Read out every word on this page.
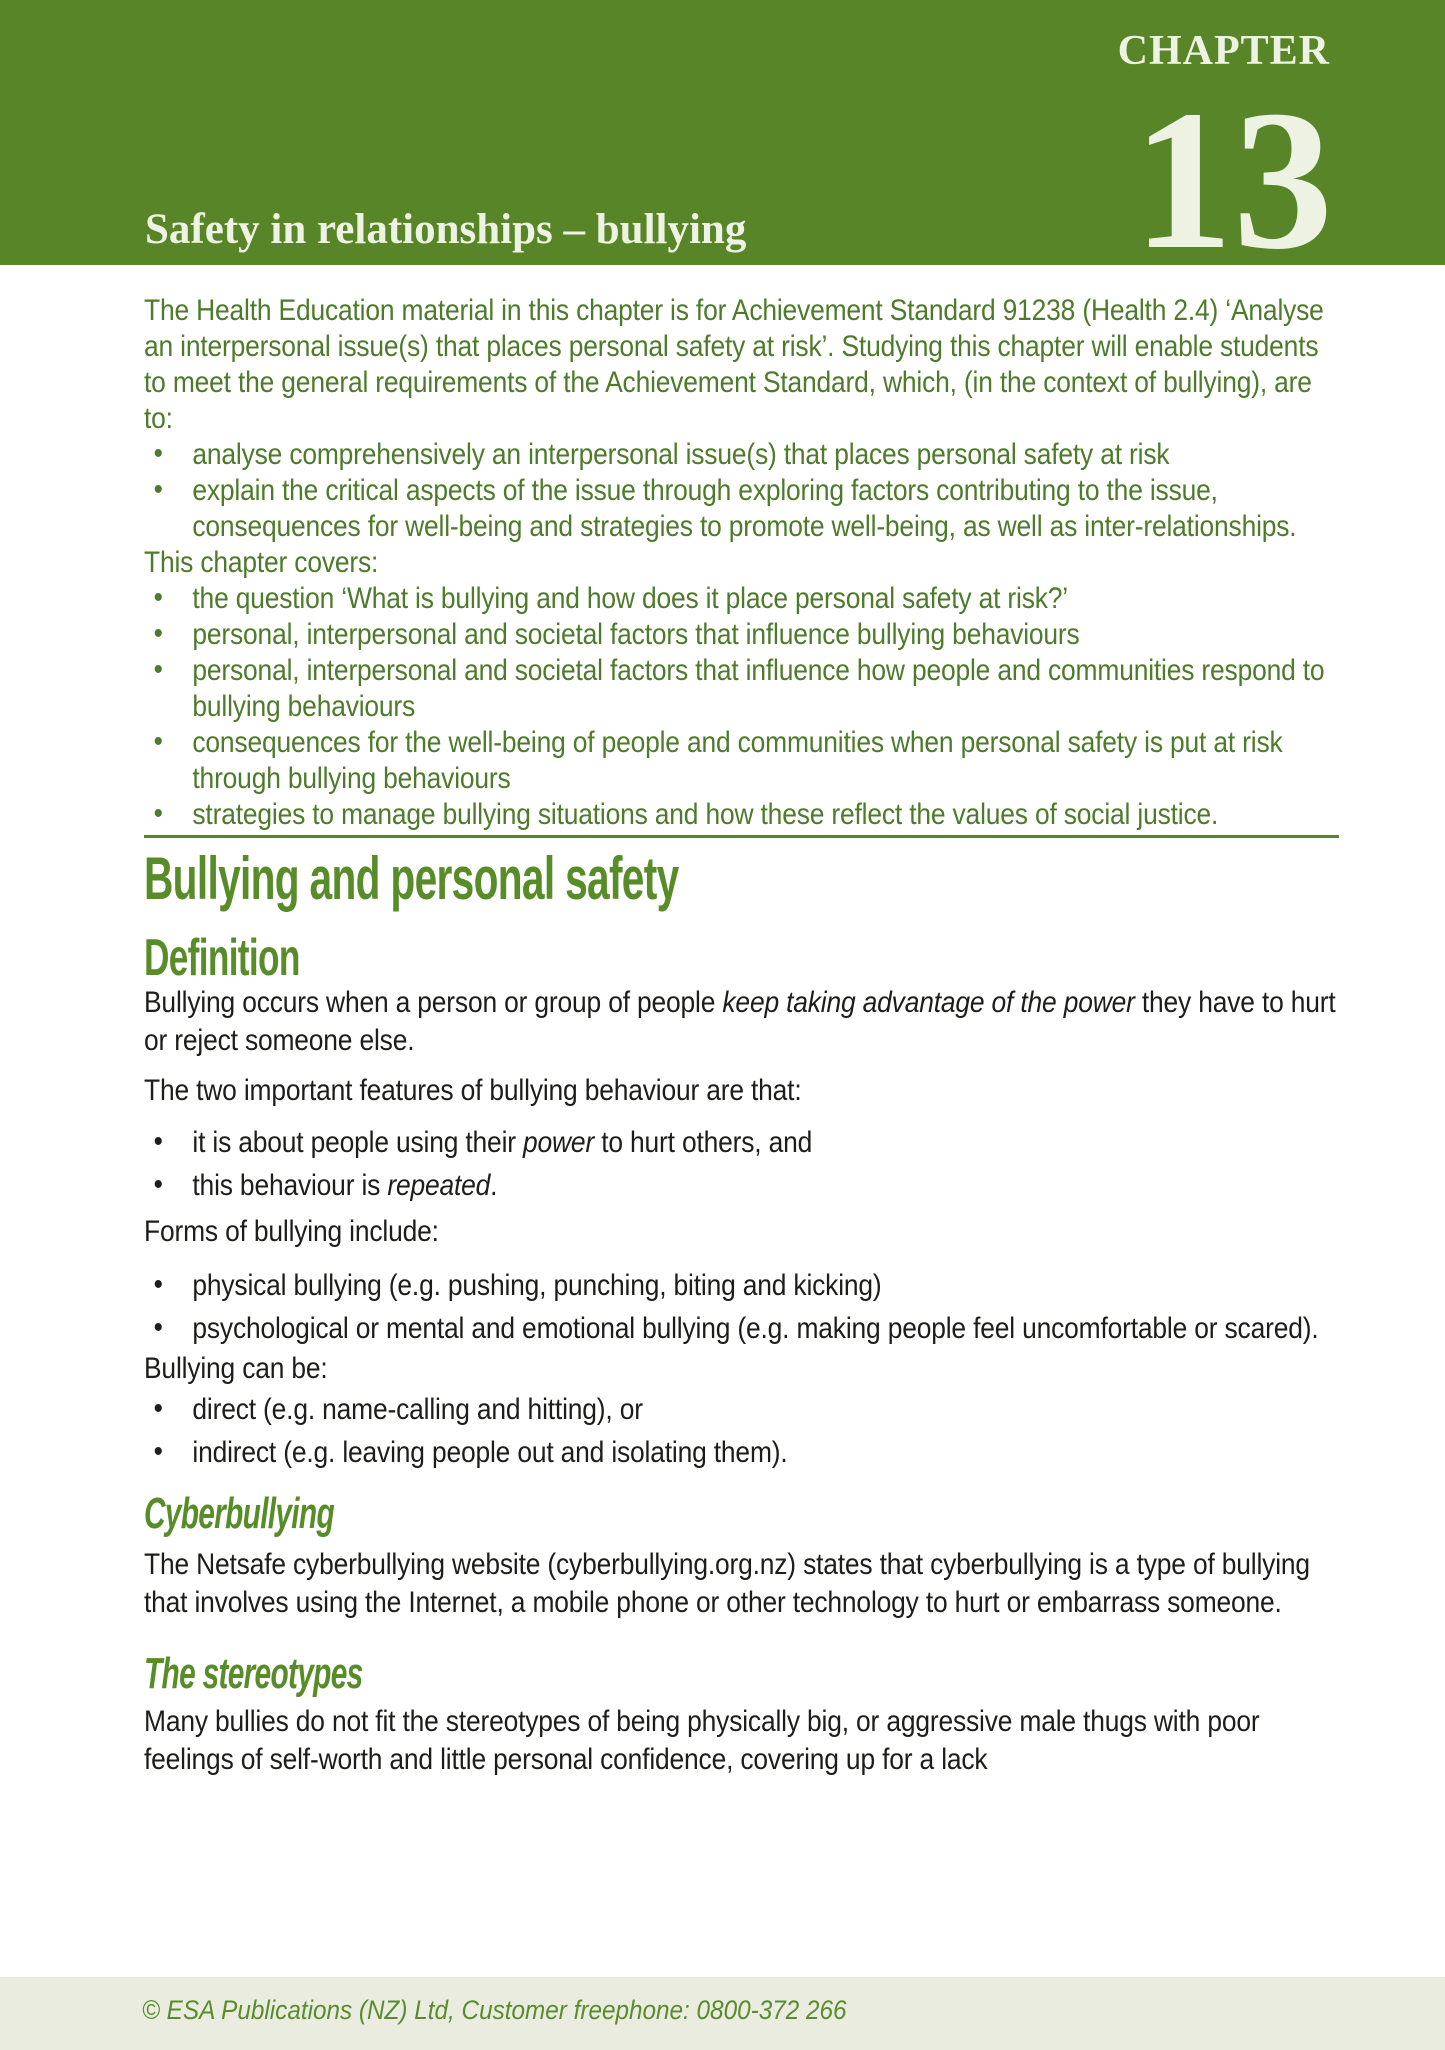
CHAPTER
13
Safety in relationships – bullying

The Health Education material in this chapter is for Achievement Standard 91238 (Health 2.4) ‘Analyse an interpersonal issue(s) that places personal safety at risk’. Studying this chapter will enable students to meet the general requirements of the Achievement Standard, which, (in the context of bullying), are to:

• analyse comprehensively an interpersonal issue(s) that places personal safety at risk
• explain the critical aspects of the issue through exploring factors contributing to the issue, consequences for well-being and strategies to promote well-being, as well as inter-relationships.

This chapter covers:

• the question ‘What is bullying and how does it place personal safety at risk?’
• personal, interpersonal and societal factors that influence bullying behaviours
• personal, interpersonal and societal factors that influence how people and communities respond to bullying behaviours
• consequences for the well-being of people and communities when personal safety is put at risk through bullying behaviours
• strategies to manage bullying situations and how these reflect the values of social justice.
Bullying and personal safety
Definition

Bullying occurs when a person or group of people keep taking advantage of the power they have to hurt or reject someone else.

The two important features of bullying behaviour are that:

• it is about people using their power to hurt others, and
• this behaviour is repeated.

Forms of bullying include:

• physical bullying (e.g. pushing, punching, biting and kicking)
• psychological or mental and emotional bullying (e.g. making people feel uncomfortable or scared).

Bullying can be:

• direct (e.g. name-calling and hitting), or
• indirect (e.g. leaving people out and isolating them).
Cyberbullying

The Netsafe cyberbullying website (cyberbullying.org.nz) states that cyberbullying is a type of bullying that involves using the Internet, a mobile phone or other technology to hurt or embarrass someone.

The stereotypes

Many bullies do not fit the stereotypes of being physically big, or aggressive male thugs with poor feelings of self-worth and little personal confidence, covering up for a lack

© ESA Publications (NZ) Ltd, Customer freephone: 0800-372 266
